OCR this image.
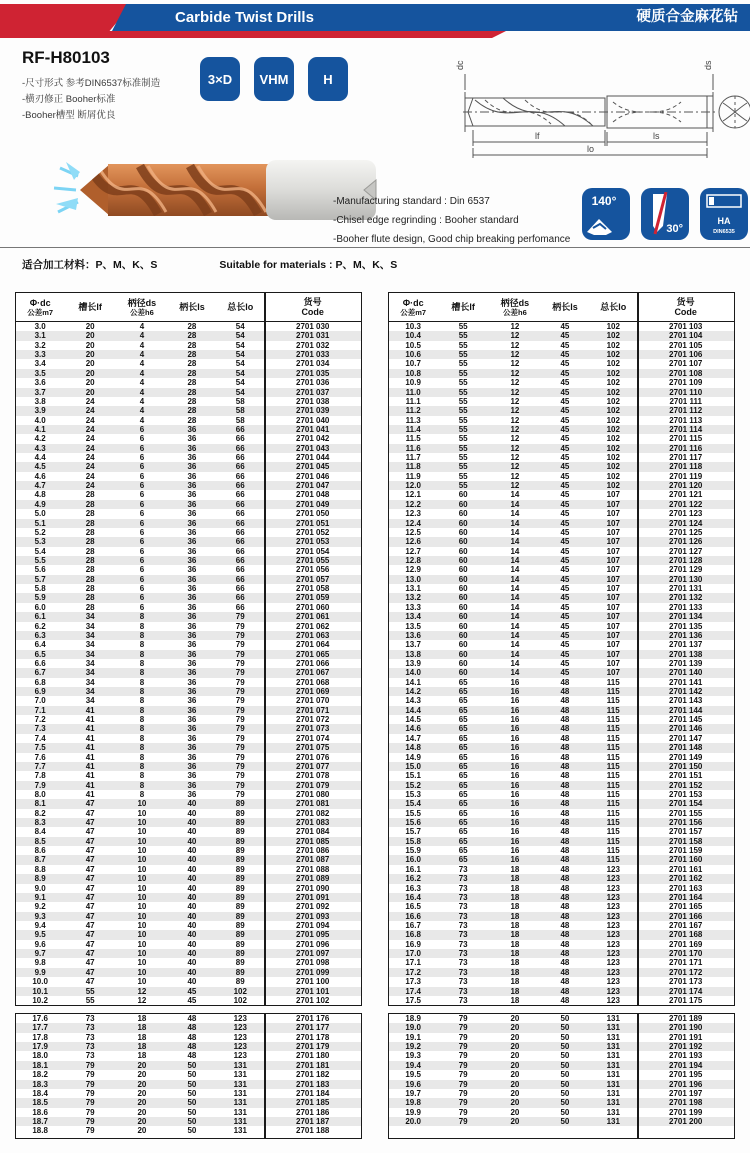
Carbide Twist Drills	硬质合金麻花钻
RF-H80103
-尺寸形式 参考DIN6537标准制造
-横刃修正 Booher标准
-Booher槽型 断屑优良
3×D	VHM	H
dc	ds
lf	ls
lo
-Manufacturing standard : Din 6537
-Chisel edge regrinding : Booher standard
-Booher flute design, Good chip breaking perfomance
140°
30°
HA
DIN6535
适合加工材料：P、M、K、S	Suitable for materials : P、M、K、S
Φ·dc
公差m7	槽长lf	柄径ds
公差h6	柄长ls	总长lo	货号
Code
3.0	20	4	28	54	2701 030
3.1	20	4	28	54	2701 031
3.2	20	4	28	54	2701 032
3.3	20	4	28	54	2701 033
3.4	20	4	28	54	2701 034
3.5	20	4	28	54	2701 035
3.6	20	4	28	54	2701 036
3.7	20	4	28	54	2701 037
3.8	24	4	28	58	2701 038
3.9	24	4	28	58	2701 039
4.0	24	4	28	58	2701 040
4.1	24	6	36	66	2701 041
4.2	24	6	36	66	2701 042
4.3	24	6	36	66	2701 043
4.4	24	6	36	66	2701 044
4.5	24	6	36	66	2701 045
4.6	24	6	36	66	2701 046
4.7	24	6	36	66	2701 047
4.8	28	6	36	66	2701 048
4.9	28	6	36	66	2701 049
5.0	28	6	36	66	2701 050
5.1	28	6	36	66	2701 051
5.2	28	6	36	66	2701 052
5.3	28	6	36	66	2701 053
5.4	28	6	36	66	2701 054
5.5	28	6	36	66	2701 055
5.6	28	6	36	66	2701 056
5.7	28	6	36	66	2701 057
5.8	28	6	36	66	2701 058
5.9	28	6	36	66	2701 059
6.0	28	6	36	66	2701 060
6.1	34	8	36	79	2701 061
6.2	34	8	36	79	2701 062
6.3	34	8	36	79	2701 063
6.4	34	8	36	79	2701 064
6.5	34	8	36	79	2701 065
6.6	34	8	36	79	2701 066
6.7	34	8	36	79	2701 067
6.8	34	8	36	79	2701 068
6.9	34	8	36	79	2701 069
7.0	34	8	36	79	2701 070
7.1	41	8	36	79	2701 071
7.2	41	8	36	79	2701 072
7.3	41	8	36	79	2701 073
7.4	41	8	36	79	2701 074
7.5	41	8	36	79	2701 075
7.6	41	8	36	79	2701 076
7.7	41	8	36	79	2701 077
7.8	41	8	36	79	2701 078
7.9	41	8	36	79	2701 079
8.0	41	8	36	79	2701 080
8.1	47	10	40	89	2701 081
8.2	47	10	40	89	2701 082
8.3	47	10	40	89	2701 083
8.4	47	10	40	89	2701 084
8.5	47	10	40	89	2701 085
8.6	47	10	40	89	2701 086
8.7	47	10	40	89	2701 087
8.8	47	10	40	89	2701 088
8.9	47	10	40	89	2701 089
9.0	47	10	40	89	2701 090
9.1	47	10	40	89	2701 091
9.2	47	10	40	89	2701 092
9.3	47	10	40	89	2701 093
9.4	47	10	40	89	2701 094
9.5	47	10	40	89	2701 095
9.6	47	10	40	89	2701 096
9.7	47	10	40	89	2701 097
9.8	47	10	40	89	2701 098
9.9	47	10	40	89	2701 099
10.0	47	10	40	89	2701 100
10.1	55	12	45	102	2701 101
10.2	55	12	45	102	2701 102
Φ·dc
公差m7	槽长lf	柄径ds
公差h6	柄长ls	总长lo	货号
Code
10.3	55	12	45	102	2701 103
10.4	55	12	45	102	2701 104
10.5	55	12	45	102	2701 105
10.6	55	12	45	102	2701 106
10.7	55	12	45	102	2701 107
10.8	55	12	45	102	2701 108
10.9	55	12	45	102	2701 109
11.0	55	12	45	102	2701 110
11.1	55	12	45	102	2701 111
11.2	55	12	45	102	2701 112
11.3	55	12	45	102	2701 113
11.4	55	12	45	102	2701 114
11.5	55	12	45	102	2701 115
11.6	55	12	45	102	2701 116
11.7	55	12	45	102	2701 117
11.8	55	12	45	102	2701 118
11.9	55	12	45	102	2701 119
12.0	55	12	45	102	2701 120
12.1	60	14	45	107	2701 121
12.2	60	14	45	107	2701 122
12.3	60	14	45	107	2701 123
12.4	60	14	45	107	2701 124
12.5	60	14	45	107	2701 125
12.6	60	14	45	107	2701 126
12.7	60	14	45	107	2701 127
12.8	60	14	45	107	2701 128
12.9	60	14	45	107	2701 129
13.0	60	14	45	107	2701 130
13.1	60	14	45	107	2701 131
13.2	60	14	45	107	2701 132
13.3	60	14	45	107	2701 133
13.4	60	14	45	107	2701 134
13.5	60	14	45	107	2701 135
13.6	60	14	45	107	2701 136
13.7	60	14	45	107	2701 137
13.8	60	14	45	107	2701 138
13.9	60	14	45	107	2701 139
14.0	60	14	45	107	2701 140
14.1	65	16	48	115	2701 141
14.2	65	16	48	115	2701 142
14.3	65	16	48	115	2701 143
14.4	65	16	48	115	2701 144
14.5	65	16	48	115	2701 145
14.6	65	16	48	115	2701 146
14.7	65	16	48	115	2701 147
14.8	65	16	48	115	2701 148
14.9	65	16	48	115	2701 149
15.0	65	16	48	115	2701 150
15.1	65	16	48	115	2701 151
15.2	65	16	48	115	2701 152
15.3	65	16	48	115	2701 153
15.4	65	16	48	115	2701 154
15.5	65	16	48	115	2701 155
15.6	65	16	48	115	2701 156
15.7	65	16	48	115	2701 157
15.8	65	16	48	115	2701 158
15.9	65	16	48	115	2701 159
16.0	65	16	48	115	2701 160
16.1	73	18	48	123	2701 161
16.2	73	18	48	123	2701 162
16.3	73	18	48	123	2701 163
16.4	73	18	48	123	2701 164
16.5	73	18	48	123	2701 165
16.6	73	18	48	123	2701 166
16.7	73	18	48	123	2701 167
16.8	73	18	48	123	2701 168
16.9	73	18	48	123	2701 169
17.0	73	18	48	123	2701 170
17.1	73	18	48	123	2701 171
17.2	73	18	48	123	2701 172
17.3	73	18	48	123	2701 173
17.4	73	18	48	123	2701 174
17.5	73	18	48	123	2701 175
17.6	73	18	48	123	2701 176
17.7	73	18	48	123	2701 177
17.8	73	18	48	123	2701 178
17.9	73	18	48	123	2701 179
18.0	73	18	48	123	2701 180
18.1	79	20	50	131	2701 181
18.2	79	20	50	131	2701 182
18.3	79	20	50	131	2701 183
18.4	79	20	50	131	2701 184
18.5	79	20	50	131	2701 185
18.6	79	20	50	131	2701 186
18.7	79	20	50	131	2701 187
18.8	79	20	50	131	2701 188
18.9	79	20	50	131	2701 189
19.0	79	20	50	131	2701 190
19.1	79	20	50	131	2701 191
19.2	79	20	50	131	2701 192
19.3	79	20	50	131	2701 193
19.4	79	20	50	131	2701 194
19.5	79	20	50	131	2701 195
19.6	79	20	50	131	2701 196
19.7	79	20	50	131	2701 197
19.8	79	20	50	131	2701 198
19.9	79	20	50	131	2701 199
20.0	79	20	50	131	2701 200
